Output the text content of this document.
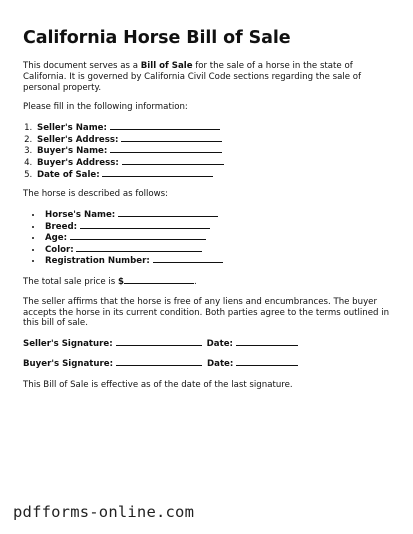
California Horse Bill of Sale

This document serves as a Bill of Sale for the sale of a horse in the state of California. It is governed by California Civil Code sections regarding the sale of personal property.

Please fill in the following information:

1. Seller's Name:
2. Seller's Address:
3. Buyer's Name:
4. Buyer's Address:
5. Date of Sale:

The horse is described as follows:

• Horse's Name:
• Breed:
• Age:
• Color:
• Registration Number:

The total sale price is $	.

The seller affirms that the horse is free of any liens and encumbrances. The buyer accepts the horse in its current condition. Both parties agree to the terms outlined in this bill of sale.

Seller's Signature:	Date:
Buyer's Signature:	Date:

This Bill of Sale is effective as of the date of the last signature.

pdfforms-online.com
